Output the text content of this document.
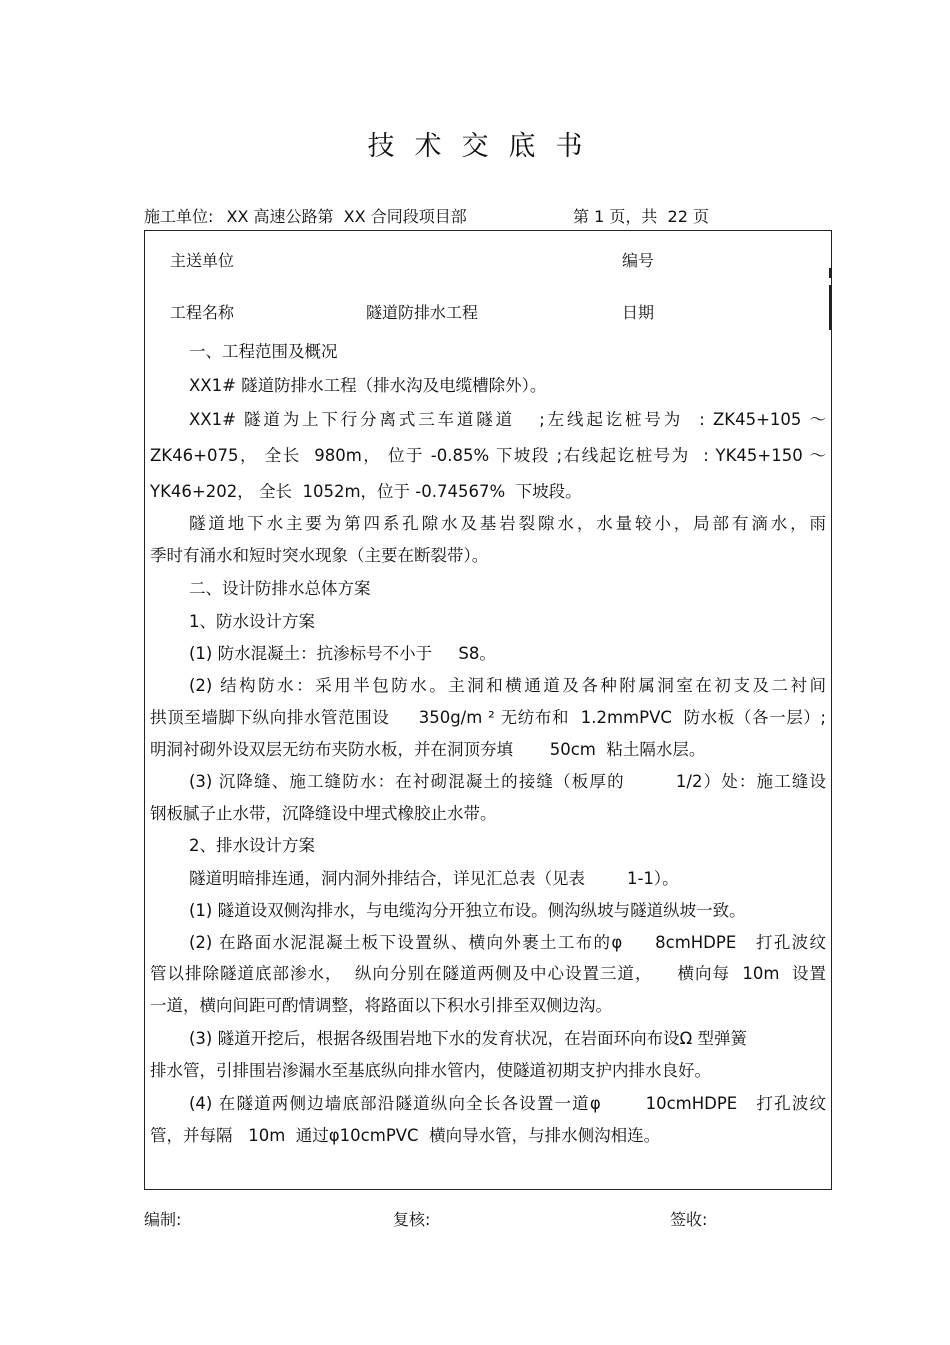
技术交底书
施工单位: XX 高速公路第  XX 合同段项目部	第 1 页，共  22 页
主送单位	编号
工程名称	隧道防排水工程	日期
一、工程范围及概况
XX1# 隧道防排水工程（排水沟及电缆槽除外）。
XX1# 隧道为上下行分离式三车道隧道   ;左线起讫桩号为  : ZK45+105 ～
ZK46+075， 全长  980m， 位于 -0.85% 下坡段 ;右线起讫桩号为  : YK45+150 ～
YK46+202， 全长  1052m，位于 -0.74567%  下坡段。
隧道地下水主要为第四系孔隙水及基岩裂隙水，水量较小，局部有滴水，雨
季时有涌水和短时突水现象（主要在断裂带）。
二、设计防排水总体方案
1、防水设计方案
(1) 防水混凝土：抗渗标号不小于     S8。
(2) 结构防水：采用半包防水。主洞和横通道及各种附属洞室在初支及二衬间
拱顶至墙脚下纵向排水管范围设     350g/m ² 无纺布和  1.2mmPVC  防水板（各一层）;
明洞衬砌外设双层无纺布夹防水板，并在洞顶夯填       50cm  粘土隔水层。
(3) 沉降缝、施工缝防水：在衬砌混凝土的接缝（板厚的        1/2）处：施工缝设
钢板腻子止水带，沉降缝设中埋式橡胶止水带。
2、排水设计方案
隧道明暗排连通，洞内洞外排结合，详见汇总表（见表        1-1）。
(1) 隧道设双侧沟排水，与电缆沟分开独立布设。侧沟纵坡与隧道纵坡一致。
(2) 在路面水泥混凝土板下设置纵、横向外裹土工布的φ     8cmHDPE   打孔波纹
管以排除隧道底部渗水，  纵向分别在隧道两侧及中心设置三道，    横向每  10m  设置
一道，横向间距可酌情调整，将路面以下积水引排至双侧边沟。
(3) 隧道开挖后，根据各级围岩地下水的发育状况，在岩面环向布设Ω 型弹簧
排水管，引排围岩渗漏水至基底纵向排水管内，使隧道初期支护内排水良好。
(4) 在隧道两侧边墙底部沿隧道纵向全长各设置一道φ       10cmHDPE   打孔波纹
管，并每隔   10m  通过φ10cmPVC  横向导水管，与排水侧沟相连。
编制:	复核:	签收:
